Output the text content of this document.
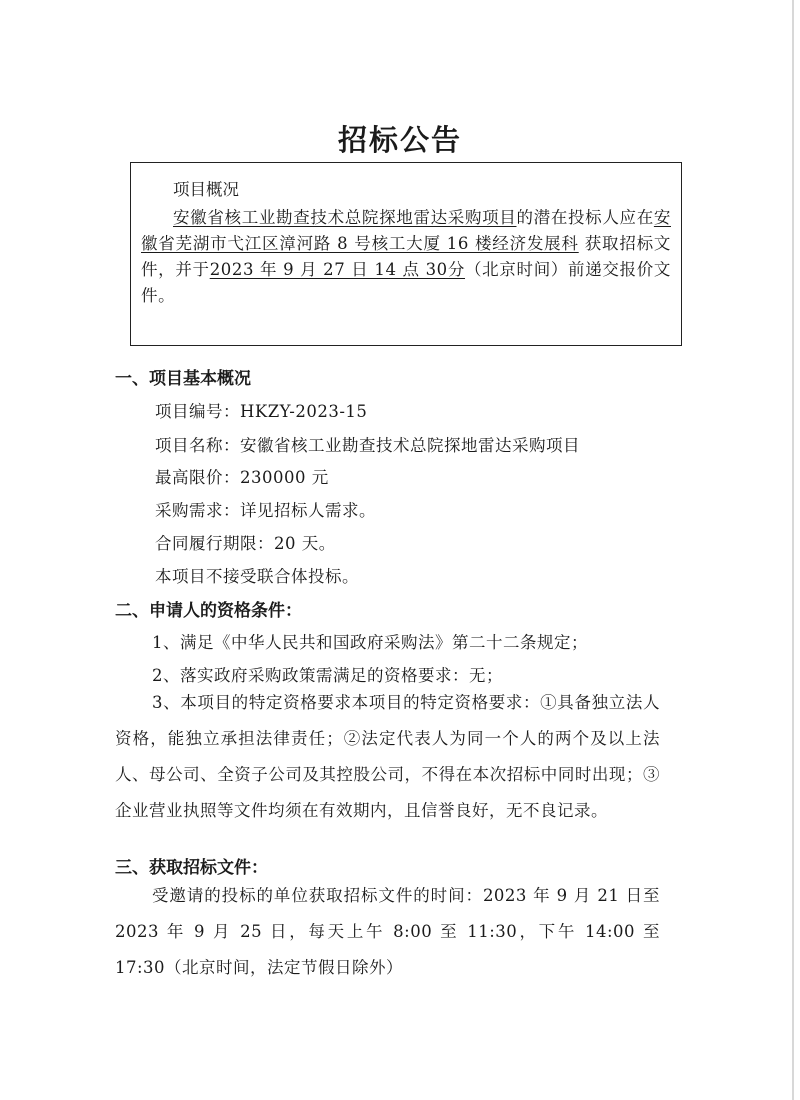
招标公告
项目概况
安徽省核工业勘查技术总院探地雷达采购项目的潜在投标人应在安徽省芜湖市弋江区漳河路 8 号核工大厦 16 楼经济发展科 获取招标文件，并于2023 年 9 月 27 日 14 点 30分（北京时间）前递交报价文件。
一、项目基本概况
项目编号：HKZY-2023-15
项目名称：安徽省核工业勘查技术总院探地雷达采购项目
最高限价：230000 元
采购需求：详见招标人需求。
合同履行期限：20 天。
本项目不接受联合体投标。
二、申请人的资格条件：
1、满足《中华人民共和国政府采购法》第二十二条规定；
2、落实政府采购政策需满足的资格要求：无；
3、本项目的特定资格要求本项目的特定资格要求：①具备独立法人资格，能独立承担法律责任；②法定代表人为同一个人的两个及以上法人、母公司、全资子公司及其控股公司，不得在本次招标中同时出现；③企业营业执照等文件均须在有效期内，且信誉良好，无不良记录。
三、获取招标文件：
受邀请的投标的单位获取招标文件的时间：2023 年 9 月 21 日至 2023 年 9 月 25 日，每天上午 8:00 至 11:30，下午 14:00 至 17:30（北京时间，法定节假日除外）
